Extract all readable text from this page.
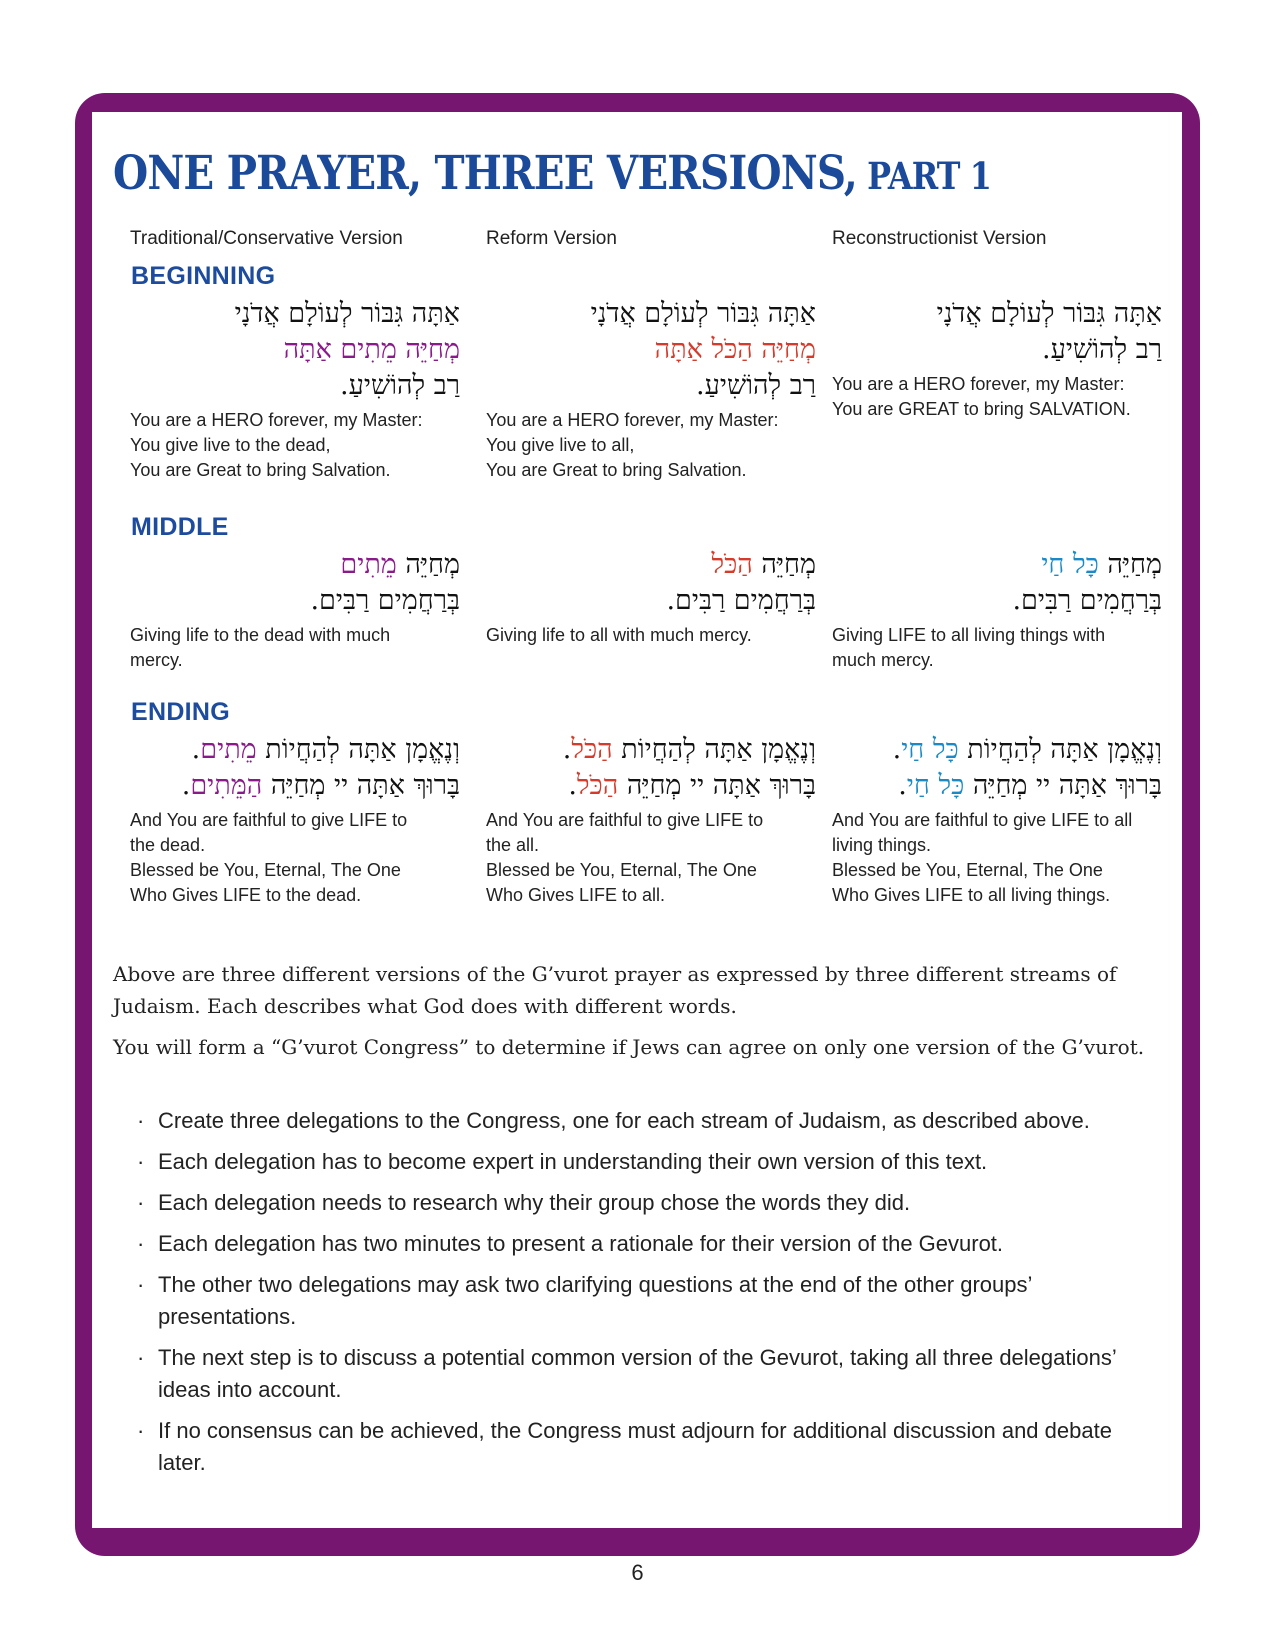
ONE PRAYER, THREE VERSIONS, PART 1
Traditional/Conservative Version	Reform Version	Reconstructionist Version
BEGINNING
MIDDLE
ENDING
אַתָּה גִּבּוֹר לְעוֹלָם אֲדֹנָי
מְחַיֵּה מֵתִים אַתָּה
רַב לְהוֹשִׁיעַ.
You are a HERO forever, my Master:
You give live to the dead,
You are Great to bring Salvation.
אַתָּה גִּבּוֹר לְעוֹלָם אֲדֹנָי
מְחַיֵּה הַכֹּל אַתָּה
רַב לְהוֹשִׁיעַ.
You are a HERO forever, my Master:
You give live to all,
You are Great to bring Salvation.
אַתָּה גִּבּוֹר לְעוֹלָם אֲדֹנָי
רַב לְהוֹשִׁיעַ.
You are a HERO forever, my Master:
You are GREAT to bring SALVATION.
מְחַיֵּה מֵתִים
בְּרַחֲמִים רַבִּים.
Giving life to the dead with much
mercy.
מְחַיֵּה הַכֹּל
בְּרַחֲמִים רַבִּים.
Giving life to all with much mercy.
מְחַיֵּה כָּל חַי
בְּרַחֲמִים רַבִּים.
Giving LIFE to all living things with
much mercy.
וְנֶאֱמָן אַתָּה לְהַחֲיוֹת מֵתִים.
בָּרוּךְ אַתָּה יי מְחַיֵּה הַמֵּתִים.
And You are faithful to give LIFE to
the dead.
Blessed be You, Eternal, The One
Who Gives LIFE to the dead.
וְנֶאֱמָן אַתָּה לְהַחֲיוֹת הַכֹּל.
בָּרוּךְ אַתָּה יי מְחַיֵּה הַכֹּל.
And You are faithful to give LIFE to
the all.
Blessed be You, Eternal, The One
Who Gives LIFE to all.
וְנֶאֱמָן אַתָּה לְהַחֲיוֹת כָּל חַי.
בָּרוּךְ אַתָּה יי מְחַיֵּה כָּל חַי.
And You are faithful to give LIFE to all
living things.
Blessed be You, Eternal, The One
Who Gives LIFE to all living things.
Above are three different versions of the G’vurot prayer as expressed by three different streams of Judaism. Each describes what God does with different words.
You will form a “G’vurot Congress” to determine if Jews can agree on only one version of the G’vurot.
· Create three delegations to the Congress, one for each stream of Judaism, as described above.
· Each delegation has to become expert in understanding their own version of this text.
· Each delegation needs to research why their group chose the words they did.
· Each delegation has two minutes to present a rationale for their version of the Gevurot.
· The other two delegations may ask two clarifying questions at the end of the other groups’ presentations.
· The next step is to discuss a potential common version of the Gevurot, taking all three delegations’ ideas into account.
· If no consensus can be achieved, the Congress must adjourn for additional discussion and debate later.
6
